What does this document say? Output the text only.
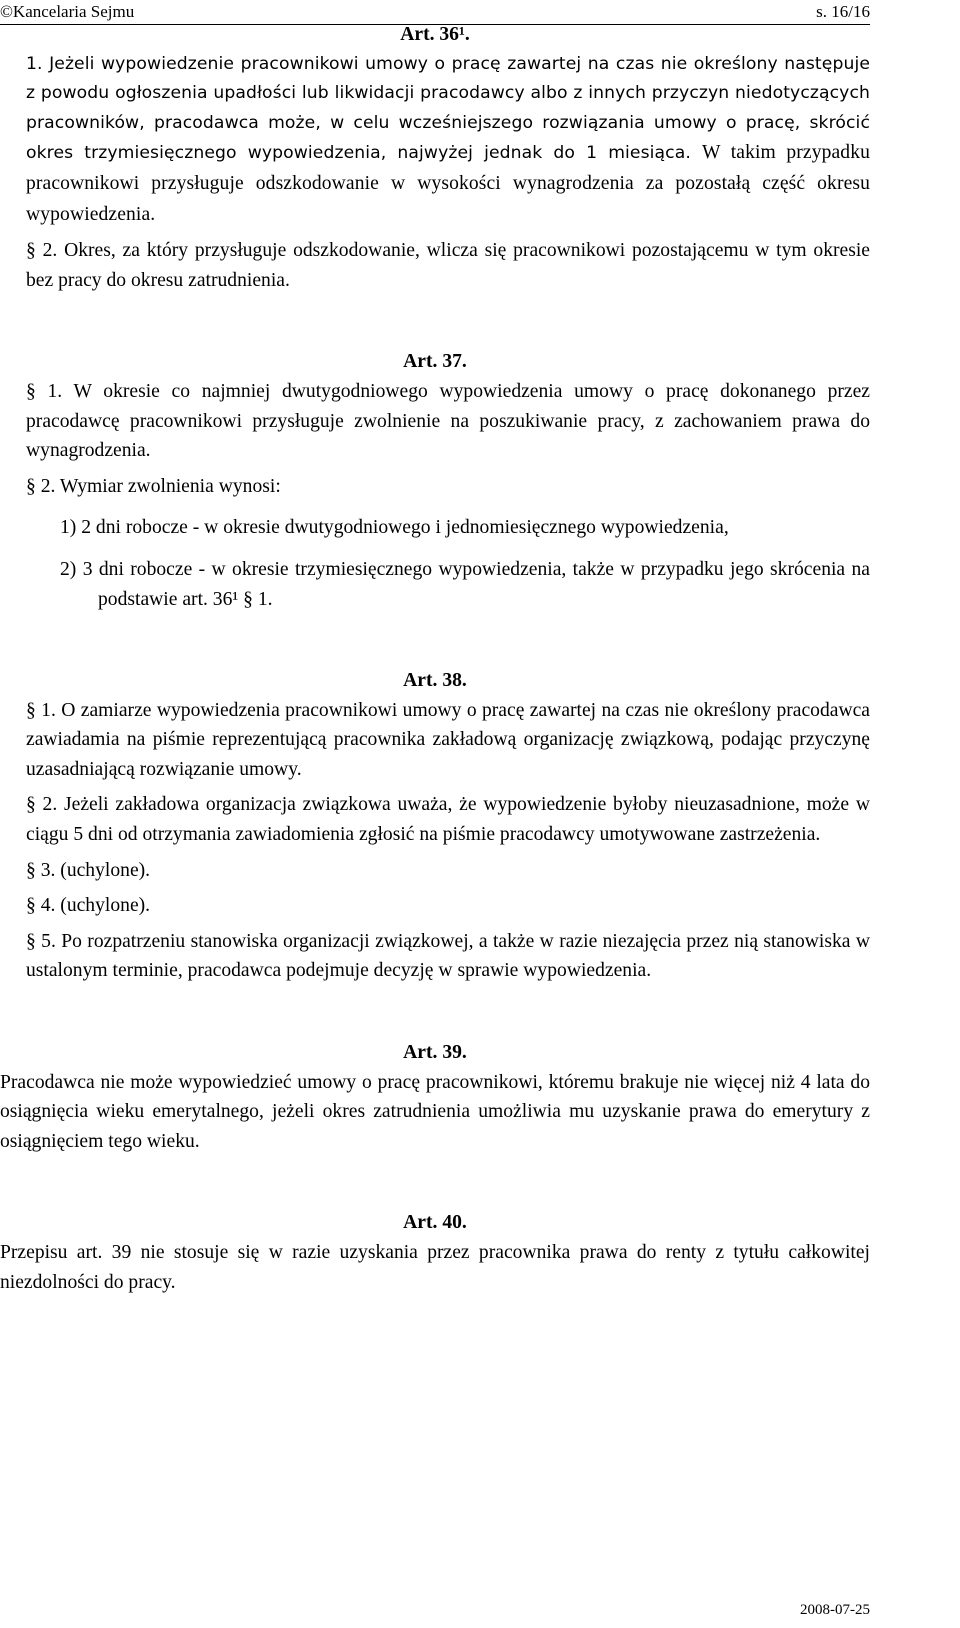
©Kancelaria Sejmu	s. 16/16

Art. 36¹.

1. Jeżeli wypowiedzenie pracownikowi umowy o pracę zawartej na czas nie określony następuje z powodu ogłoszenia upadłości lub likwidacji pracodawcy albo z innych przyczyn niedotyczących pracowników, pracodawca może, w celu wcześniejszego rozwiązania umowy o pracę, skrócić okres trzymiesięcznego wypowiedzenia, najwyżej jednak do 1 miesiąca. W takim przypadku pracownikowi przysługuje odszkodowanie w wysokości wynagrodzenia za pozostałą część okresu wypowiedzenia.

§ 2. Okres, za który przysługuje odszkodowanie, wlicza się pracownikowi pozostającemu w tym okresie bez pracy do okresu zatrudnienia.

Art. 37.

§ 1. W okresie co najmniej dwutygodniowego wypowiedzenia umowy o pracę dokonanego przez pracodawcę pracownikowi przysługuje zwolnienie na poszukiwanie pracy, z zachowaniem prawa do wynagrodzenia.

§ 2. Wymiar zwolnienia wynosi:

1) 2 dni robocze - w okresie dwutygodniowego i jednomiesięcznego wypowiedzenia,

2) 3 dni robocze - w okresie trzymiesięcznego wypowiedzenia, także w przypadku jego skrócenia na podstawie art. 36¹ § 1.

Art. 38.

§ 1. O zamiarze wypowiedzenia pracownikowi umowy o pracę zawartej na czas nie określony pracodawca zawiadamia na piśmie reprezentującą pracownika zakładową organizację związkową, podając przyczynę uzasadniającą rozwiązanie umowy.

§ 2. Jeżeli zakładowa organizacja związkowa uważa, że wypowiedzenie byłoby nieuzasadnione, może w ciągu 5 dni od otrzymania zawiadomienia zgłosić na piśmie pracodawcy umotywowane zastrzeżenia.

§ 3. (uchylone).

§ 4. (uchylone).

§ 5. Po rozpatrzeniu stanowiska organizacji związkowej, a także w razie niezajęcia przez nią stanowiska w ustalonym terminie, pracodawca podejmuje decyzję w sprawie wypowiedzenia.

Art. 39.

Pracodawca nie może wypowiedzieć umowy o pracę pracownikowi, któremu brakuje nie więcej niż 4 lata do osiągnięcia wieku emerytalnego, jeżeli okres zatrudnienia umożliwia mu uzyskanie prawa do emerytury z osiągnięciem tego wieku.

Art. 40.

Przepisu art. 39 nie stosuje się w razie uzyskania przez pracownika prawa do renty z tytułu całkowitej niezdolności do pracy.

2008-07-25
